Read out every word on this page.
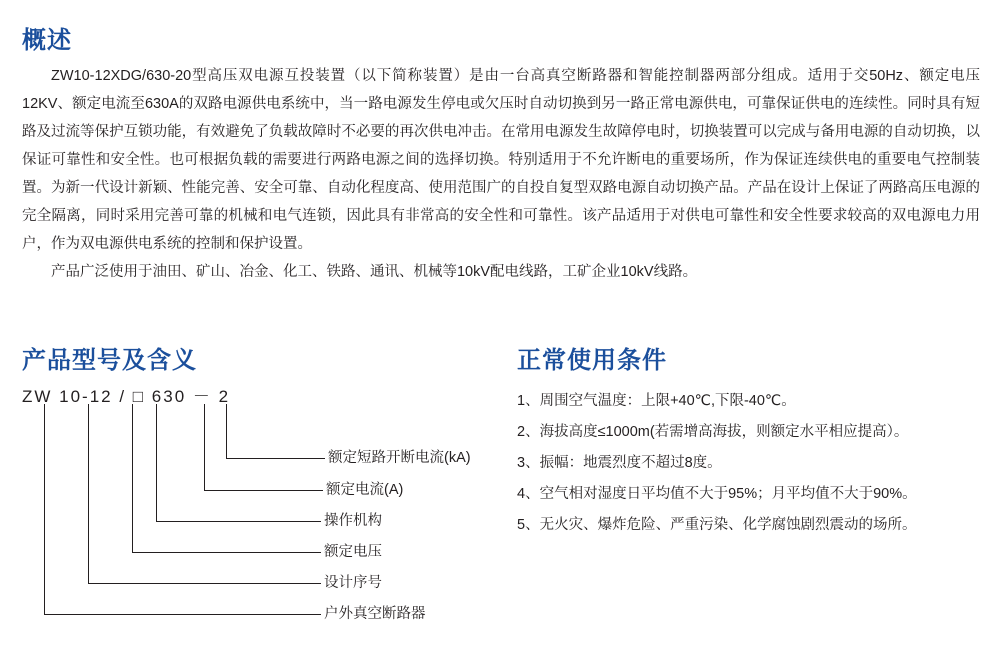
概述

ZW10-12XDG/630-20型高压双电源互投装置（以下简称装置）是由一台高真空断路器和智能控制器两部分组成。适用于交50Hz、额定电压12KV、额定电流至630A的双路电源供电系统中，当一路电源发生停电或欠压时自动切换到另一路正常电源供电，可靠保证供电的连续性。同时具有短路及过流等保护互锁功能，有效避免了负载故障时不必要的再次供电冲击。在常用电源发生故障停电时，切换装置可以完成与备用电源的自动切换，以保证可靠性和安全性。也可根据负载的需要进行两路电源之间的选择切换。特别适用于不允许断电的重要场所，作为保证连续供电的重要电气控制装置。为新一代设计新颖、性能完善、安全可靠、自动化程度高、使用范围广的自投自复型双路电源自动切换产品。产品在设计上保证了两路高压电源的完全隔离，同时采用完善可靠的机械和电气连锁，因此具有非常高的安全性和可靠性。该产品适用于对供电可靠性和安全性要求较高的双电源电力用户，作为双电源供电系统的控制和保护设置。

产品广泛使用于油田、矿山、冶金、化工、铁路、通讯、机械等10kV配电线路，工矿企业10kV线路。

产品型号及含义
ZW 10-12 / □ 630 － 2
额定短路开断电流(kA)
额定电流(A)
操作机构
额定电压
设计序号
户外真空断路器
正常使用条件
1、周围空气温度：上限+40℃,下限-40℃。
2、海拔高度≤1000m(若需增高海拔，则额定水平相应提高）。
3、振幅：地震烈度不超过8度。
4、空气相对湿度日平均值不大于95%；月平均值不大于90%。
5、无火灾、爆炸危险、严重污染、化学腐蚀剧烈震动的场所。
